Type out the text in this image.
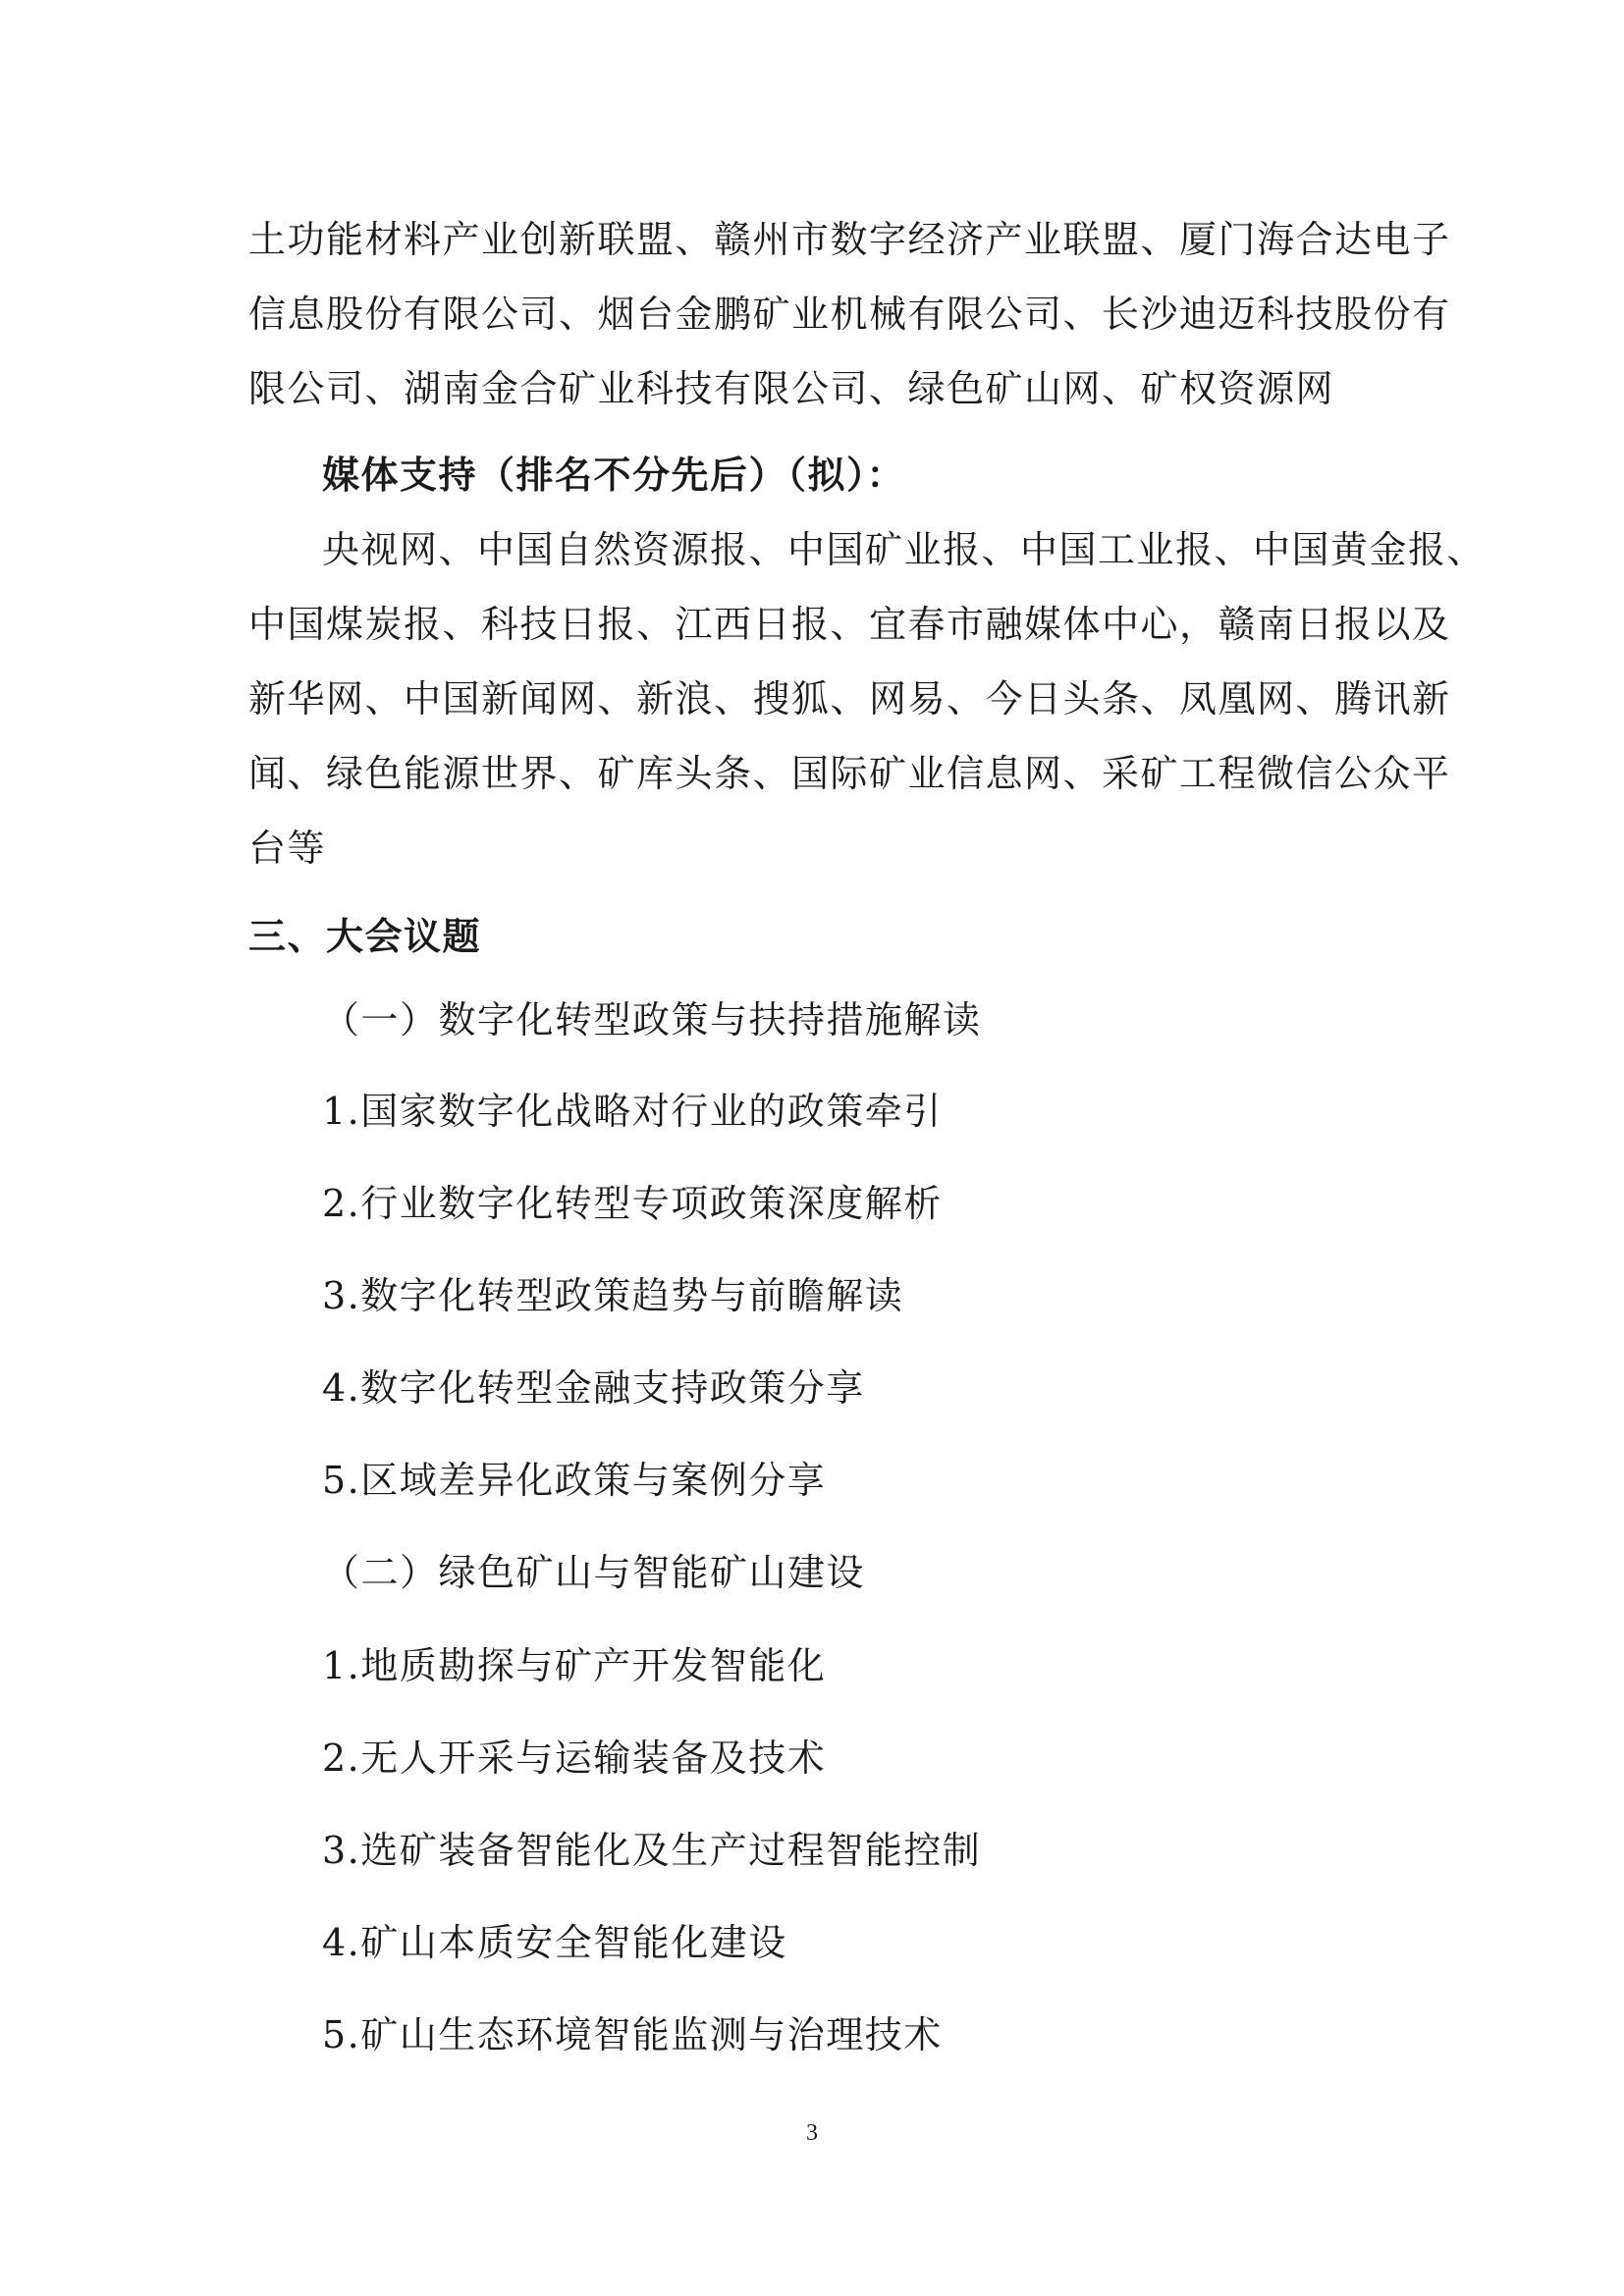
土功能材料产业创新联盟、赣州市数字经济产业联盟、厦门海合达电子
信息股份有限公司、烟台金鹏矿业机械有限公司、长沙迪迈科技股份有
限公司、湖南金合矿业科技有限公司、绿色矿山网、矿权资源网
媒体支持（排名不分先后）（拟）：
央视网、中国自然资源报、中国矿业报、中国工业报、中国黄金报、
中国煤炭报、科技日报、江西日报、宜春市融媒体中心，赣南日报以及
新华网、中国新闻网、新浪、搜狐、网易、今日头条、凤凰网、腾讯新
闻、绿色能源世界、矿库头条、国际矿业信息网、采矿工程微信公众平
台等
三、大会议题
（一）数字化转型政策与扶持措施解读
1.国家数字化战略对行业的政策牵引
2.行业数字化转型专项政策深度解析
3.数字化转型政策趋势与前瞻解读
4.数字化转型金融支持政策分享
5.区域差异化政策与案例分享
（二）绿色矿山与智能矿山建设
1.地质勘探与矿产开发智能化
2.无人开采与运输装备及技术
3.选矿装备智能化及生产过程智能控制
4.矿山本质安全智能化建设
5.矿山生态环境智能监测与治理技术
3
